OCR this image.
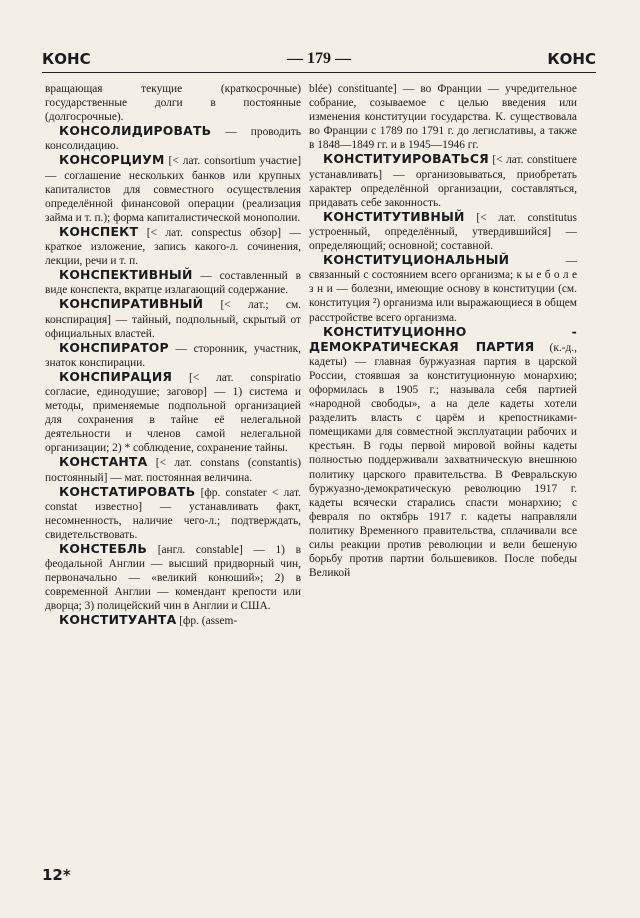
КОНС	— 179 —	КОНС

вращающая текущие (краткосрочные) государственные долги в постоянные (долгосрочные).

КОНСОЛИДИРОВАТЬ — проводить консолидацию.

КОНСОРЦИУМ [< лат. consortium участие] — соглашение нескольких банков или крупных капиталистов для совместного осуществления определённой финансовой операции (реализация займа и т. п.); форма капиталистической монополии.

КОНСПЕКТ [< лат. conspectus обзор] — краткое изложение, запись какого-л. сочинения, лекции, речи и т. п.

КОНСПЕКТИВНЫЙ — составленный в виде конспекта, вкратце излагающий содержание.

КОНСПИРАТИВНЫЙ [< лат.; см. конспирация] — тайный, подпольный, скрытый от официальных властей.

КОНСПИРАТОР — сторонник, участник, знаток конспирации.

КОНСПИРАЦИЯ [< лат. conspiratio согласие, единодушие; заговор] — 1) система и методы, применяемые подпольной организацией для сохранения в тайне её нелегальной деятельности и членов самой нелегальной организации; 2) * соблюдение, сохранение тайны.

КОНСТАНТА [< лат. constans (constantis) постоянный] — мат. постоянная величина.

КОНСТАТИРОВАТЬ [фр. constater < лат. constat известно] — устанавливать факт, несомненность, наличие чего-л.; подтверждать, свидетельствовать.

КОНСТЕБЛЬ [англ. constable] — 1) в феодальной Англии — высший придворный чин, первоначально — «великий конюший»; 2) в современной Англии — комендант крепости или дворца; 3) полицейский чин в Англии и США.

КОНСТИТУАНТА [фр. (assem-

blée) constituante] — во Франции — учредительное собрание, созываемое с целью введения или изменения конституции государства. К. существовала во Франции с 1789 по 1791 г. до легислативы, а также в 1848—1849 гг. и в 1945—1946 гг.

КОНСТИТУИРОВАТЬСЯ [< лат. constituere устанавливать] — организовываться, приобретать характер определённой организации, составляться, придавать себе законность.

КОНСТИТУТИВНЫЙ [< лат. constitutus устроенный, определённый, утвердившийся] — определяющий; основной; составной.

КОНСТИТУЦИОНАЛЬНЫЙ — связанный с состоянием всего организма; к ы е б о л е з н и — болезни, имеющие основу в конституции (см. конституция ²) организма или выражающиеся в общем расстройстве всего организма.

КОНСТИТУЦИОННО - ДЕМОКРАТИЧЕСКАЯ ПАРТИЯ (к.-д., кадеты) — главная буржуазная партия в царской России, стоявшая за конституционную монархию; оформилась в 1905 г.; называла себя партией «народной свободы», а на деле кадеты хотели разделить власть с царём и крепостниками-помещиками для совместной эксплуатации рабочих и крестьян. В годы первой мировой войны кадеты полностью поддерживали захватническую внешнюю политику царского правительства. В Февральскую буржуазно-демократическую революцию 1917 г. кадеты всячески старались спасти монархию; с февраля по октябрь 1917 г. кадеты направляли политику Временного правительства, сплачивали все силы реакции против революции и вели бешеную борьбу против партии большевиков. После победы Великой

12*
